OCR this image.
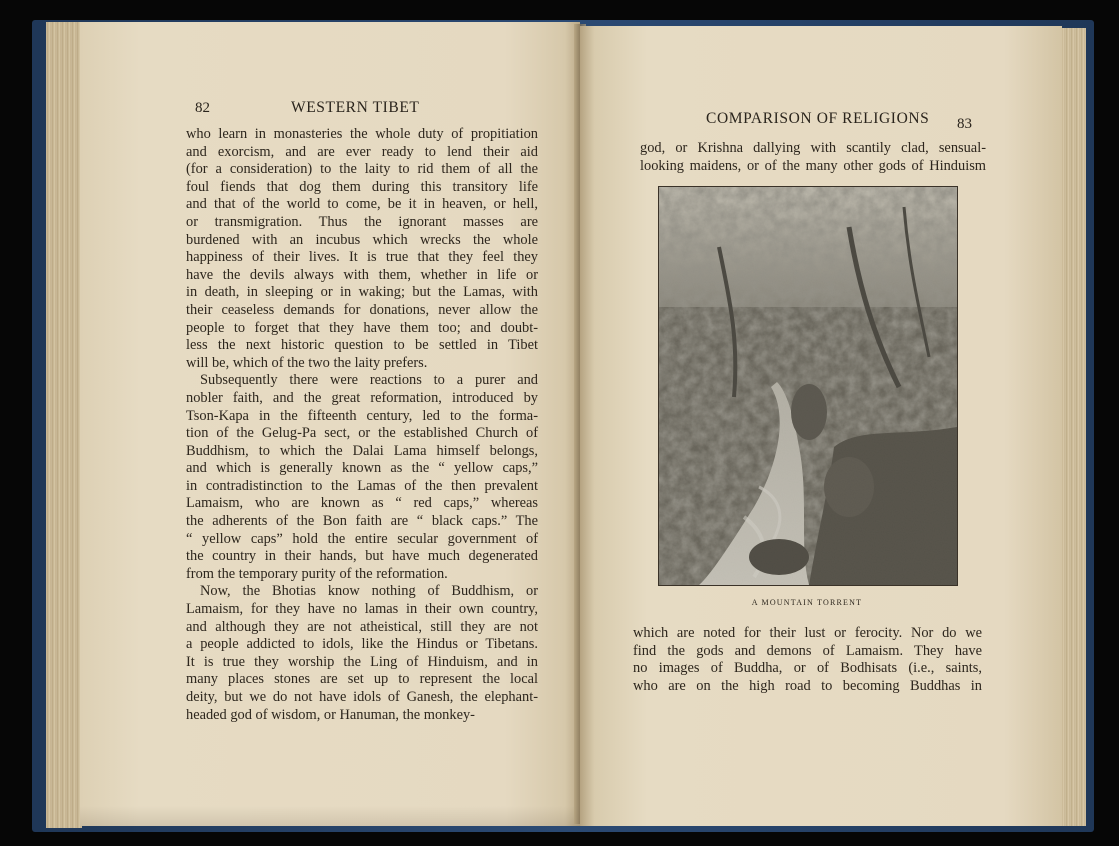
82	WESTERN TIBET
who learn in monasteries the whole duty of propitiation
and exorcism, and are ever ready to lend their aid
(for a consideration) to the laity to rid them of all the
foul fiends that dog them during this transitory life
and that of the world to come, be it in heaven, or hell,
or transmigration. Thus the ignorant masses are
burdened with an incubus which wrecks the whole
happiness of their lives. It is true that they feel they
have the devils always with them, whether in life or
in death, in sleeping or in waking; but the Lamas, with
their ceaseless demands for donations, never allow the
people to forget that they have them too; and doubt-
less the next historic question to be settled in Tibet
will be, which of the two the laity prefers.
Subsequently there were reactions to a purer and
nobler faith, and the great reformation, introduced by
Tson-Kapa in the fifteenth century, led to the forma-
tion of the Gelug-Pa sect, or the established Church of
Buddhism, to which the Dalai Lama himself belongs,
and which is generally known as the “ yellow caps,”
in contradistinction to the Lamas of the then prevalent
Lamaism, who are known as “ red caps,” whereas
the adherents of the Bon faith are “ black caps.” The
“ yellow caps” hold the entire secular government of
the country in their hands, but have much degenerated
from the temporary purity of the reformation.
Now, the Bhotias know nothing of Buddhism, or
Lamaism, for they have no lamas in their own country,
and although they are not atheistical, still they are not
a people addicted to idols, like the Hindus or Tibetans.
It is true they worship the Ling of Hinduism, and in
many places stones are set up to represent the local
deity, but we do not have idols of Ganesh, the elephant-
headed god of wisdom, or Hanuman, the monkey-
COMPARISON OF RELIGIONS 83
god, or Krishna dallying with scantily clad, sensual-
looking maidens, or of the many other gods of Hinduism
A MOUNTAIN TORRENT
which are noted for their lust or ferocity. Nor do we
find the gods and demons of Lamaism. They have
no images of Buddha, or of Bodhisats (i.e., saints,
who are on the high road to becoming Buddhas in
